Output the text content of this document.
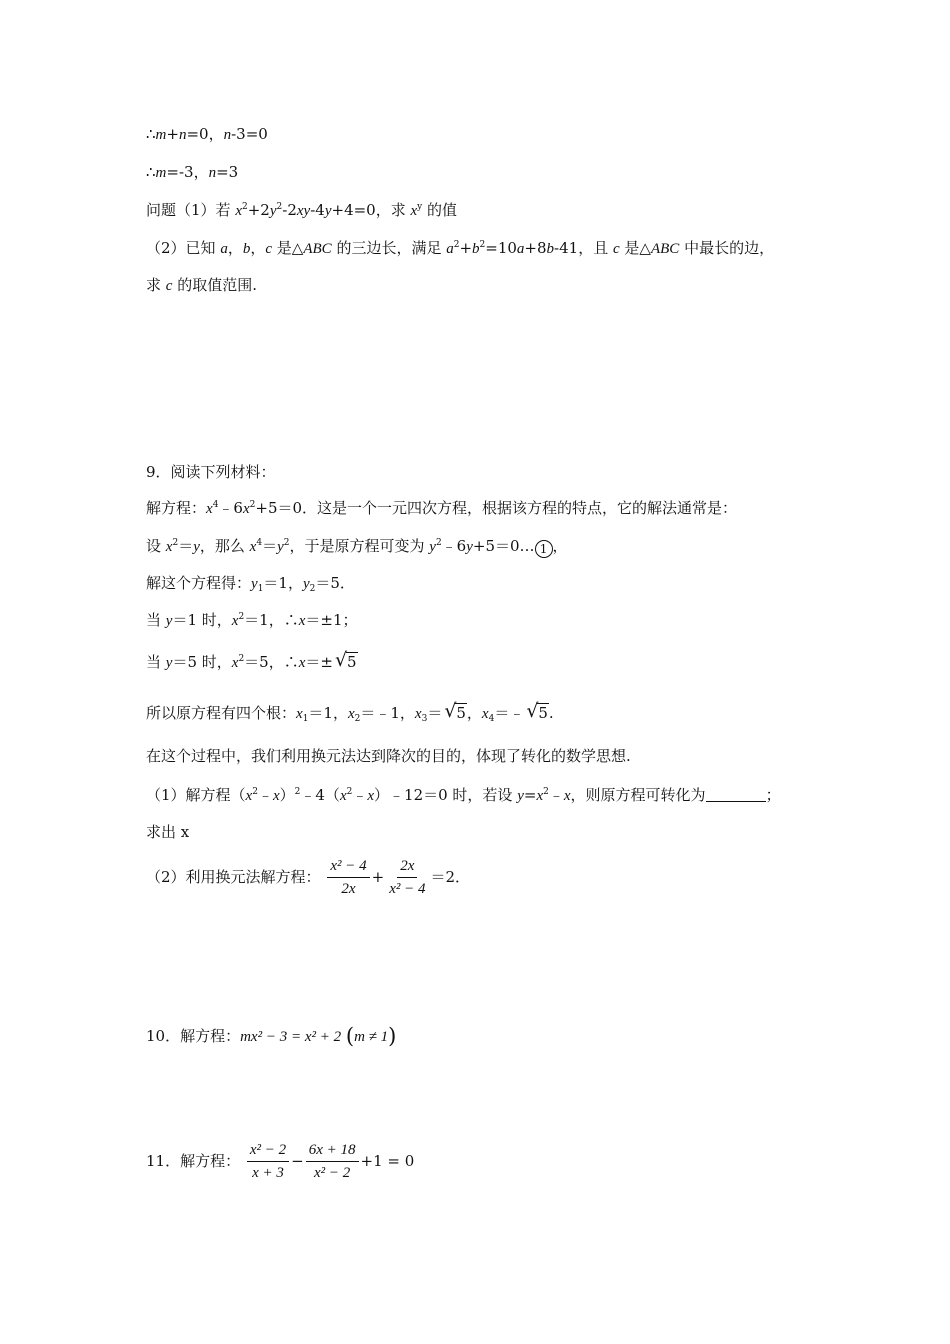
∴m+n=0，n-3=0
∴m=-3，n=3
问题（1）若 $x^2+2y^2-2xy-4y+4=0$，求 $x^y$ 的值
（2）已知 a，b，c 是△ABC 的三边长，满足 $a^2+b^2=10a+8b-41$，且 c 是△ABC 中最长的边，
求 c 的取值范围.
9．阅读下列材料：
解方程：$x^4﹣6x^2+5=0$．这是一个一元四次方程，根据该方程的特点，它的解法通常是：
设 $x^2=y$，那么 $x^4=y^2$，于是原方程可变为 $y^2﹣6y+5=0\dots$ 1 ，
解这个方程得：$y_1=1$，$y_2=5$．
当 y＝1 时，$x^2=1$，∴x＝±1；
当 y＝5 时，$x^2=5$，∴x＝± √ 5
所以原方程有四个根：$x_1=1$，$x_2=﹣1$，$x_3=$ √ 5，$x_4=﹣$ √ 5.
在这个过程中，我们利用换元法达到降次的目的，体现了转化的数学思想.
（1）解方程$(x^2﹣x)^2﹣4(x^2﹣x)﹣12=0$ 时，若设 $y=x^2﹣x$，则原方程可转化为	；
求出 x
（2）利用换元法解方程： $\frac{\text{x² − 4}}{2x} + \frac{2x}{\text{x² − 4}} =2$．
10．解方程：mx² − 3 = x² + 2 (m ≠ 1)
11．解方程： $\frac{\text{x² − 2}}{x + 3} - \frac{6x + 18}{\text{x² − 2}} +1 = 0$
